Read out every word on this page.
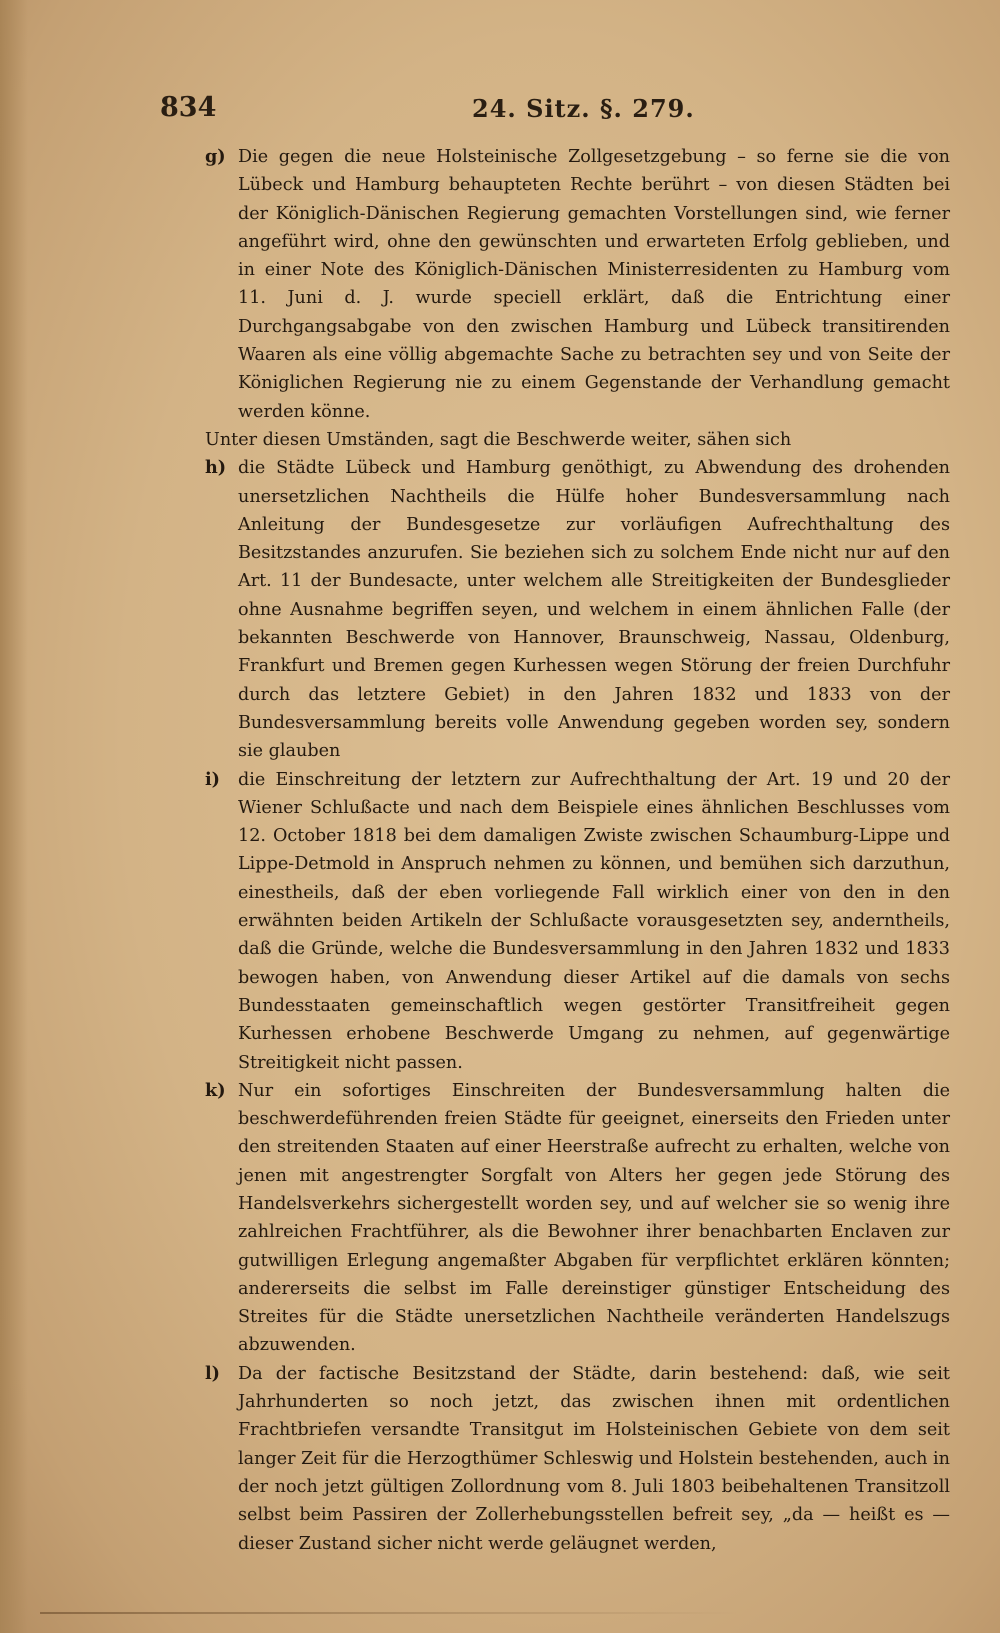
834	24. Sitz. §. 279.
g) Die gegen die neue Holsteinische Zollgesetzgebung – so ferne sie die von Lübeck und Hamburg behaupteten Rechte berührt – von diesen Städten bei der Königlich-Dänischen Regierung gemachten Vorstellungen sind, wie ferner angeführt wird, ohne den gewünschten und erwarteten Erfolg geblieben, und in einer Note des Königlich-Dänischen Ministerresidenten zu Hamburg vom 11. Juni d. J. wurde speciell erklärt, daß die Entrichtung einer Durchgangsabgabe von den zwischen Hamburg und Lübeck transitirenden Waaren als eine völlig abgemachte Sache zu betrachten sey und von Seite der Königlichen Regierung nie zu einem Gegenstande der Verhandlung gemacht werden könne.

Unter diesen Umständen, sagt die Beschwerde weiter, sähen sich

h) die Städte Lübeck und Hamburg genöthigt, zu Abwendung des drohenden unersetzlichen Nachtheils die Hülfe hoher Bundesversammlung nach Anleitung der Bundesgesetze zur vorläufigen Aufrechthaltung des Besitzstandes anzurufen. Sie beziehen sich zu solchem Ende nicht nur auf den Art. 11 der Bundesacte, unter welchem alle Streitigkeiten der Bundesglieder ohne Ausnahme begriffen seyen, und welchem in einem ähnlichen Falle (der bekannten Beschwerde von Hannover, Braunschweig, Nassau, Oldenburg, Frankfurt und Bremen gegen Kurhessen wegen Störung der freien Durchfuhr durch das letztere Gebiet) in den Jahren 1832 und 1833 von der Bundesversammlung bereits volle Anwendung gegeben worden sey, sondern sie glauben
i)	die Einschreitung der letztern zur Aufrechthaltung der Art. 19 und 20 der Wiener Schlußacte und nach dem Beispiele eines ähnlichen Beschlusses vom 12. October 1818 bei dem damaligen Zwiste zwischen Schaumburg-Lippe und Lippe-Detmold in Anspruch nehmen zu können, und bemühen sich darzuthun, einestheils, daß der eben vorliegende Fall wirklich einer von den in den erwähnten beiden Artikeln der Schlußacte vorausgesetzten sey, anderntheils, daß die Gründe, welche die Bundesversammlung in den Jahren 1832 und 1833 bewogen haben, von Anwendung dieser Artikel auf die damals von sechs Bundesstaaten gemeinschaftlich wegen gestörter Transitfreiheit gegen Kurhessen erhobene Beschwerde Umgang zu nehmen, auf gegenwärtige Streitigkeit nicht passen.
k) Nur ein sofortiges Einschreiten der Bundesversammlung halten die beschwerdeführenden freien Städte für geeignet, einerseits den Frieden unter den streitenden Staaten auf einer Heerstraße aufrecht zu erhalten, welche von jenen mit angestrengter Sorgfalt von Alters her gegen jede Störung des Handelsverkehrs sichergestellt worden sey, und auf welcher sie so wenig ihre zahlreichen Frachtführer, als die Bewohner ihrer benachbarten Enclaven zur gutwilligen Erlegung angemaßter Abgaben für verpflichtet erklären könnten; andererseits die selbst im Falle dereinstiger günstiger Entscheidung des Streites für die Städte unersetzlichen Nachtheile veränderten Handelszugs abzuwenden.
l)	Da der factische Besitzstand der Städte, darin bestehend: daß, wie seit Jahrhunderten so noch jetzt, das zwischen ihnen mit ordentlichen Frachtbriefen versandte Transitgut im Holsteinischen Gebiete von dem seit langer Zeit für die Herzogthümer Schleswig und Holstein bestehenden, auch in der noch jetzt gültigen Zollordnung vom 8. Juli 1803 beibehaltenen Transitzoll selbst beim Passiren der Zollerhebungsstellen befreit sey, „da — heißt es — dieser Zustand sicher nicht werde geläugnet werden,
